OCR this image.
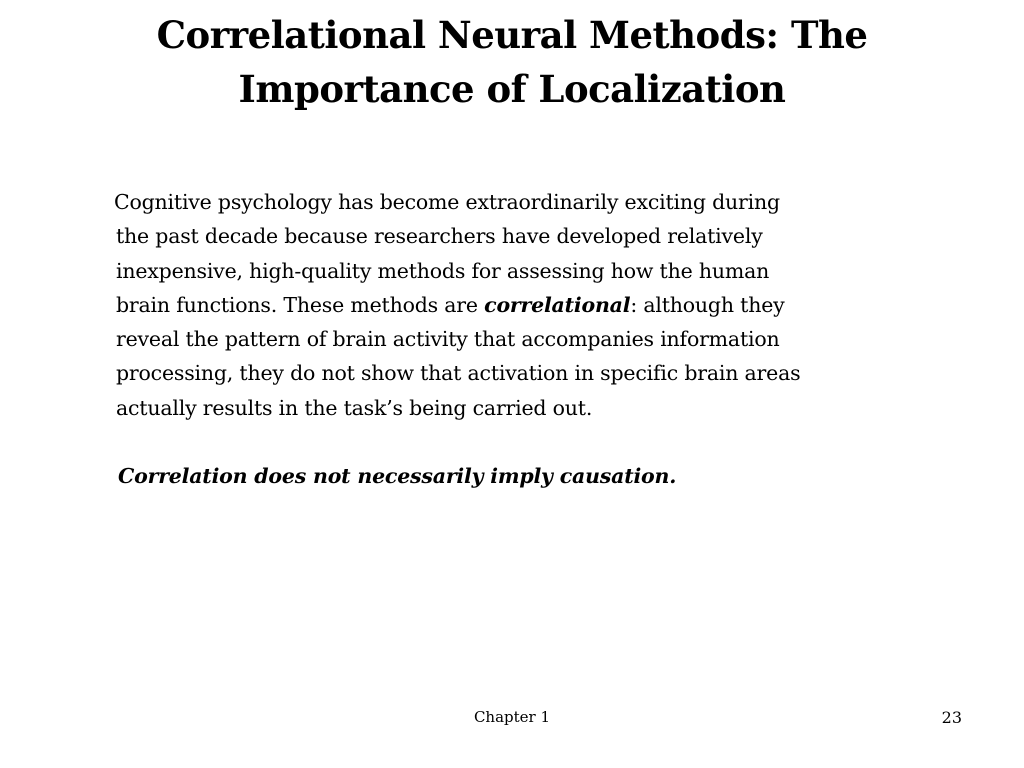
Correlational Neural Methods: The
Importance of Localization

Cognitive psychology has become extraordinarily exciting during
the past decade because researchers have developed relatively
inexpensive, high-quality methods for assessing how the human
brain functions. These methods are correlational: although they
reveal the pattern of brain activity that accompanies information
processing, they do not show that activation in specific brain areas
actually results in the task’s being carried out.

Correlation does not necessarily imply causation.

Chapter 1	23
